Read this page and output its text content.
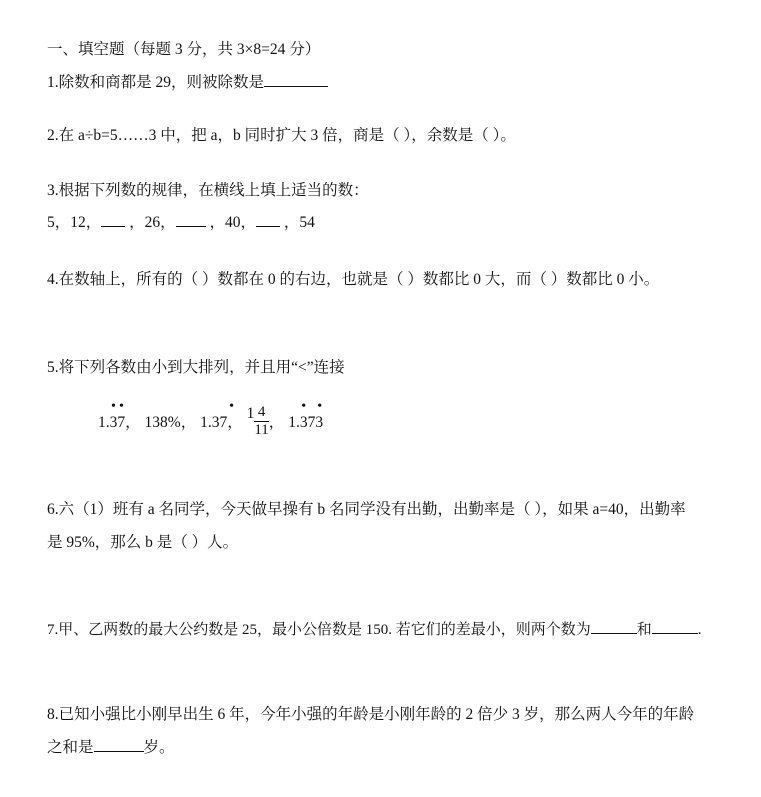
一、填空题（每题 3 分，共 3×8=24 分）
1.除数和商都是 29，则被除数是
2.在 a÷b=5……3 中，把 a，b 同时扩大 3 倍，商是（ ），余数是（ ）。
3.根据下列数的规律，在横线上填上适当的数：
5，12， ，26， ，40， ，54
4.在数轴上，所有的（ ）数都在 0 的右边，也就是（ ）数都比 0 大，而（ ）数都比 0 小。
5.将下列各数由小到大排列，并且用“<”连接
1.37
• •
， 138%， 1.37
•
， $1 \frac{4}{11}$ ， 1.373
• •
6.六（1）班有 a 名同学，今天做早操有 b 名同学没有出勤，出勤率是（ ），如果 a=40，出勤率
是 95%，那么 b 是（ ）人。
7.甲、乙两数的最大公约数是 25，最小公倍数是 150. 若它们的差最小，则两个数为	和	.
8.已知小强比小刚早出生 6 年，今年小强的年龄是小刚年龄的 2 倍少 3 岁，那么两人今年的年龄
之和是	岁。
